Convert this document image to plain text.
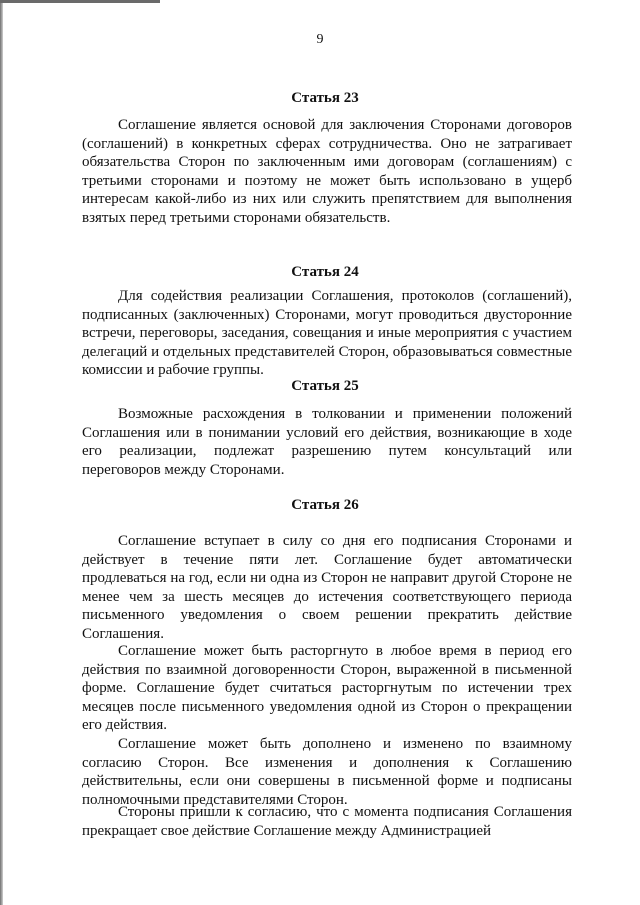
9
Статья 23

Соглашение является основой для заключения Сторонами договоров (соглашений) в конкретных сферах сотрудничества. Оно не затрагивает обязательства Сторон по заключенным ими договорам (соглашениям) с третьими сторонами и поэтому не может быть использовано в ущерб интересам какой-либо из них или служить препятствием для выполнения взятых перед третьими сторонами обязательств.

Статья 24

Для содействия реализации Соглашения, протоколов (соглашений), подписанных (заключенных) Сторонами, могут проводиться двусторонние встречи, переговоры, заседания, совещания и иные мероприятия с участием делегаций и отдельных представителей Сторон, образовываться совместные комиссии и рабочие группы.

Статья 25

Возможные расхождения в толковании и применении положений Соглашения или в понимании условий его действия, возникающие в ходе его реализации, подлежат разрешению путем консультаций или переговоров между Сторонами.

Статья 26

Соглашение вступает в силу со дня его подписания Сторонами и действует в течение пяти лет. Соглашение будет автоматически продлеваться на год, если ни одна из Сторон не направит другой Стороне не менее чем за шесть месяцев до истечения соответствующего периода письменного уведомления о своем решении прекратить действие Соглашения.

Соглашение может быть расторгнуто в любое время в период его действия по взаимной договоренности Сторон, выраженной в письменной форме. Соглашение будет считаться расторгнутым по истечении трех месяцев после письменного уведомления одной из Сторон о прекращении его действия.

Соглашение может быть дополнено и изменено по взаимному согласию Сторон. Все изменения и дополнения к Соглашению действительны, если они совершены в письменной форме и подписаны полномочными представителями Сторон.

Стороны пришли к согласию, что с момента подписания Соглашения прекращает свое действие Соглашение между Администрацией
